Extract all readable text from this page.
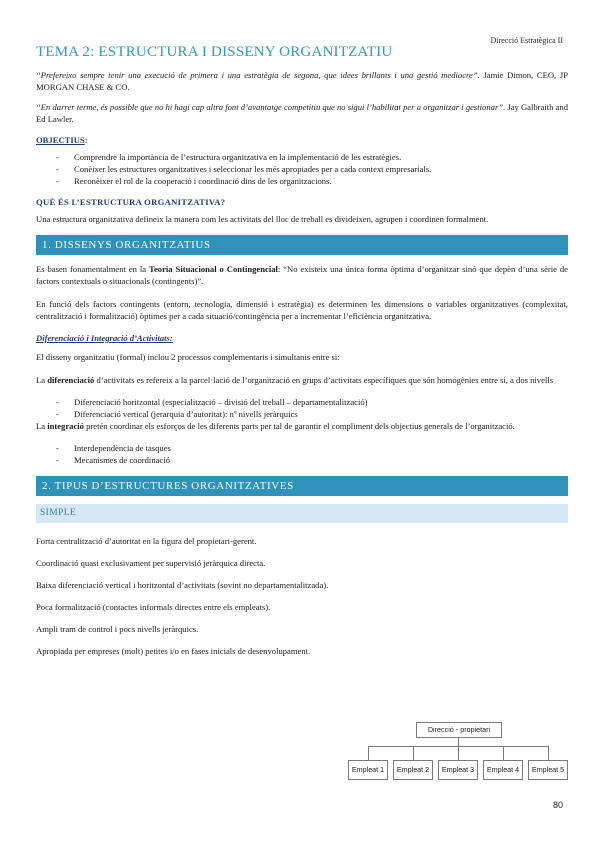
Direcció Estratègica II
TEMA 2: ESTRUCTURA I DISSENY ORGANITZATIU

“Prefereixo sempre tenir una execució de primera i una estratègia de segona, que idees brillants i una gestió mediocre”. Jamie Dimon, CEO, JP MORGAN CHASE & CO.

“En darrer terme, és possible que no hi hagi cap altra font d’avantatge competitiu que no sigui l’habilitat per a organitzar i gestionar”. Jay Galbraith and Ed Lawler.

OBJECTIUS:
- Comprendre la importància de l’estructura organitzativa en la implementació de les estratègies.
- Conèixer les estructures organitzatives i seleccionar les més apropiades per a cada context empresarials.
- Reconèixer el rol de la cooperació i coordinació dins de les organitzacions.
QUÈ ÉS L’ESTRUCTURA ORGANITZATIVA?

Una estructura organitzativa defineix la manera com les activitats del lloc de treball es divideixen, agrupen i coordinen formalment.

1. DISSENYS ORGANITZATIUS

Es basen fonamentalment en la Teoria Situacional o Contingencial: “No existeix una única forma òptima d’organitzar sinó que depèn d’una sèrie de factors contextuals o situacionals (contingents)”.

En funció dels factors contingents (entorn, tecnologia, dimensió i estratègia) es determinen les dimensions o variables organitzatives (complexitat, centralització i formalització) òptimes per a cada situació/contingència per a incrementar l’eficiència organitzativa.

Diferenciació i Integració d’Activitats:

El disseny organitzatiu (formal) inclou 2 processos complementaris i simultanis entre si:

La diferenciació d’activitats es refereix a la parcel·lació de l’organització en grups d’activitats específiques que són homogènies entre si, a dos nivells

- Diferenciació horitzontal (especialització – divisió del treball – departamentalització)
- Diferenciació vertical (jerarquia d’autoritat): nº nivells jeràrquics

La integració pretén coordinar els esforços de les diferents parts per tal de garantir el compliment dels objectius generals de l’organització.

- Interdependència de tasques
- Mecanismes de coordinació
2. TIPUS D’ESTRUCTURES ORGANITZATIVES
SIMPLE

Forta centralització d’autoritat en la figura del propietari-gerent.

Coordinació quasi exclusivament per supervisió jeràrquica directa.

Baixa diferenciació vertical i horitzontal d’activitats (sovint no departamentalitzada).

Poca formalització (contactes informals directes entre els empleats).

Ampli tram de control i pocs nivells jeràrquics.

Apropiada per empreses (molt) petites i/o en fases inicials de desenvolupament.

Direcció - propietari
Empleat 1	Empleat 2	Empleat 3	Empleat 4	Empleat 5
80
